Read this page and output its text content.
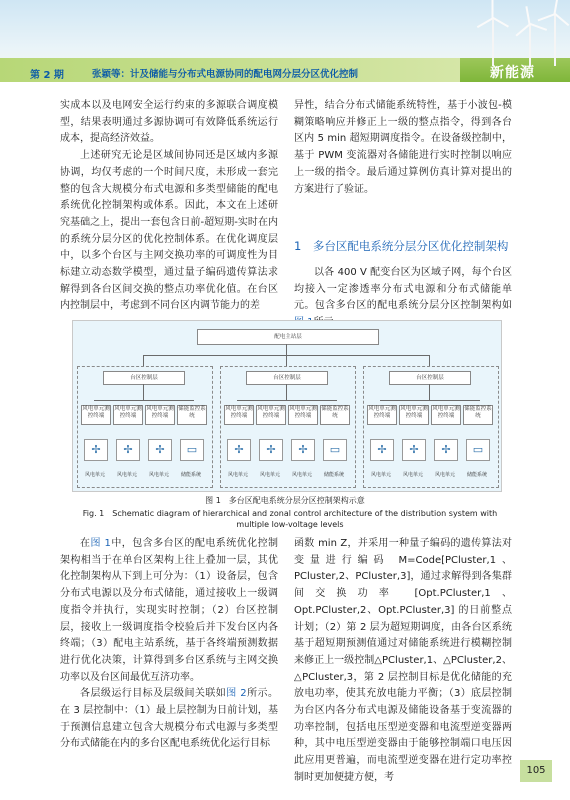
第 2 期	张颖等：计及储能与分布式电源协同的配电网分层分区优化控制	新能源

实成本以及电网安全运行约束的多源联合调度模型，结果表明通过多源协调可有效降低系统运行成本，提高经济效益。

上述研究无论是区域间协同还是区域内多源协调，均仅考虑的一个时间尺度，未形成一套完整的包含大规模分布式电源和多类型储能的配电系统优化控制架构或体系。因此，本文在上述研究基础之上，提出一套包含日前-超短期-实时在内的系统分层分区的优化控制体系。在优化调度层中，以多个台区与主网交换功率的可调度性为目标建立动态数学模型，通过量子编码遗传算法求解得到各台区间交换的整点功率优化值。在台区内控制层中，考虑到不同台区内调节能力的差

异性，结合分布式储能系统特性，基于小波包-模糊策略响应并修正上一级的整点指令，得到各台区内 5 min 超短期调度指令。在设备级控制中，基于 PWM 变流器对各储能进行实时控制以响应上一级的指令。最后通过算例仿真计算对提出的方案进行了验证。

1　多台区配电系统分层分区优化控制架构

以各 400 V 配变台区为区域子网，每个台区均接入一定渗透率分布式电源和分布式储能单元。包含多台区的配电系统分层分区控制架构如

配电主站层
台区控制层	台区控制层	台区控制层
风电单元测控终端
风电单元测控终端
风电单元测控终端
储能监控系统
风电单元测控终端
风电单元测控终端
风电单元测控终端
储能监控系统
风电单元测控终端
风电单元测控终端
风电单元测控终端
储能监控系统
✢	✢	✢	▭	✢	✢	✢	▭	✢	✢	✢	▭
风电单元	风电单元	风电单元	储能系统	风电单元	风电单元	风电单元	储能系统	风电单元	风电单元	风电单元	储能系统
图 1　多台区配电系统分层分区控制架构示意
Fig. 1　Schematic diagram of hierarchical and zonal control architecture of the distribution system with multiple low-voltage levels

在图 1中，包含多台区的配电系统优化控制架构相当于在单台区架构上往上叠加一层，其优化控制架构从下到上可分为：（1）设备层，包含分布式电源以及分布式储能，通过接收上一级调度指令并执行，实现实时控制；（2）台区控制层，接收上一级调度指令校验后并下发台区内各终端；（3）配电主站系统，基于各终端预测数据进行优化决策，计算得到多台区系统与主网交换功率以及台区间最优互济功率。

各层级运行目标及层级间关联如图 2所示。在 3 层控制中：（1）最上层控制为日前计划，基于预测信息建立包含大规模分布式电源与多类型分布式储能在内的多台区配电系统优化运行目标

函数 min Z，并采用一种量子编码的遗传算法对变量进行编码 M=Code[PCluster,1、PCluster,2、PCluster,3]，通过求解得到各集群间交换功率 [Opt.PCluster,1、Opt.PCluster,2、Opt.PCluster,3] 的日前整点计划；（2）第 2 层为超短期调度，由各台区系统基于超短期预测值通过对储能系统进行模糊控制来修正上一级控制△PCluster,1、△PCluster,2、△PCluster,3，第 2 层控制目标是优化储能的充放电功率，使其充放电能力平衡；（3）底层控制为台区内各分布式电源及储能设备基于变流器的功率控制，包括电压型逆变器和电流型逆变器两种，其中电压型逆变器由于能够控制端口电压因此应用更普遍，而电流型逆变器在进行定功率控制时更加便捷方便，考

105
